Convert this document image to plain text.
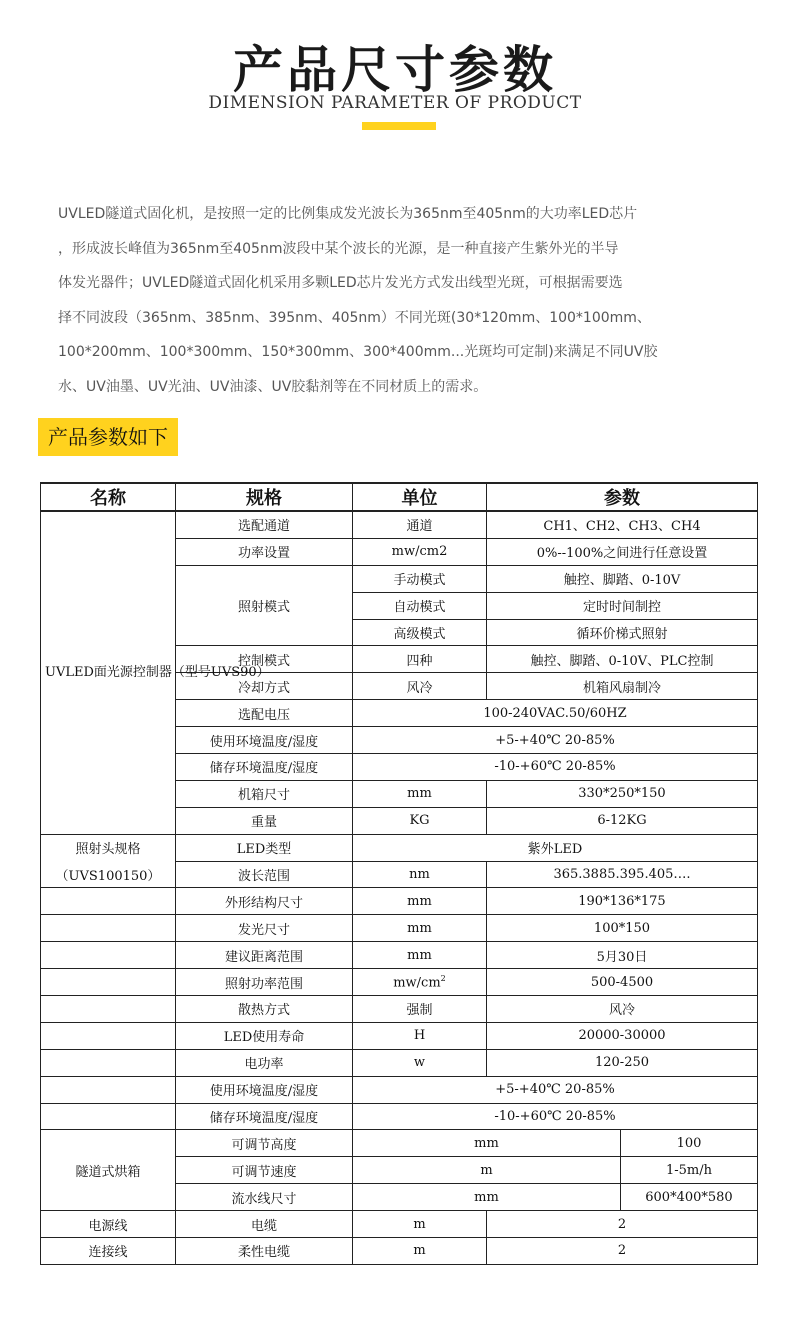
产品尺寸参数
DIMENSION PARAMETER OF PRODUCT

UVLED隧道式固化机，是按照一定的比例集成发光波长为365nm至405nm的大功率LED芯片
，形成波长峰值为365nm至405nm波段中某个波长的光源，是一种直接产生紫外光的半导
体发光器件；UVLED隧道式固化机采用多颗LED芯片发光方式发出线型光斑，可根据需要选
择不同波段（365nm、385nm、395nm、405nm）不同光斑(30*120mm、100*100mm、
100*200mm、100*300mm、150*300mm、300*400mm...光斑均可定制)来满足不同UV胶
水、UV油墨、UV光油、UV油漆、UV胶黏剂等在不同材质上的需求。

产品参数如下
名称	规格	单位	参数	
UVLED面光源控制器（型号UVS90）	选配通道	通道	CH1、CH2、CH3、CH4	
	功率设置	mw/cm2	0%--100%之间进行任意设置	
	照射模式	手动模式	触控、脚踏、0-10V	
		自动模式	定时时间制控	
		高级模式	循环价梯式照射	
	控制模式	四种	触控、脚踏、0-10V、PLC控制	
	冷却方式	风冷	机箱风扇制冷	
	选配电压	100-240VAC.50/60HZ		
	使用环境温度/湿度	+5-+40℃ 20-85%		
	储存环境温度/湿度	-10-+60℃ 20-85%		
	机箱尺寸	mm	330*250*150	
	重量	KG	6-12KG	
照射头规格	LED类型	紫外LED		
（UVS100150）	波长范围	nm	365.3885.395.405….	
	外形结构尺寸	mm	190*136*175	
	发光尺寸	mm	100*150	
	建议距离范围	mm	5月30日	
	照射功率范围	$mw/cm^2$	500-4500	
	散热方式	强制	风冷	
	LED使用寿命	H	20000-30000	
	电功率	w	120-250	
	使用环境温度/湿度	+5-+40℃ 20-85%		
	储存环境温度/湿度	-10-+60℃ 20-85%		
隧道式烘箱	可调节高度	mm		100
	可调节速度	m		1-5m/h
	流水线尺寸	mm		600*400*580
电源线	电缆	m	2	
连接线	柔性电缆	m	2	
